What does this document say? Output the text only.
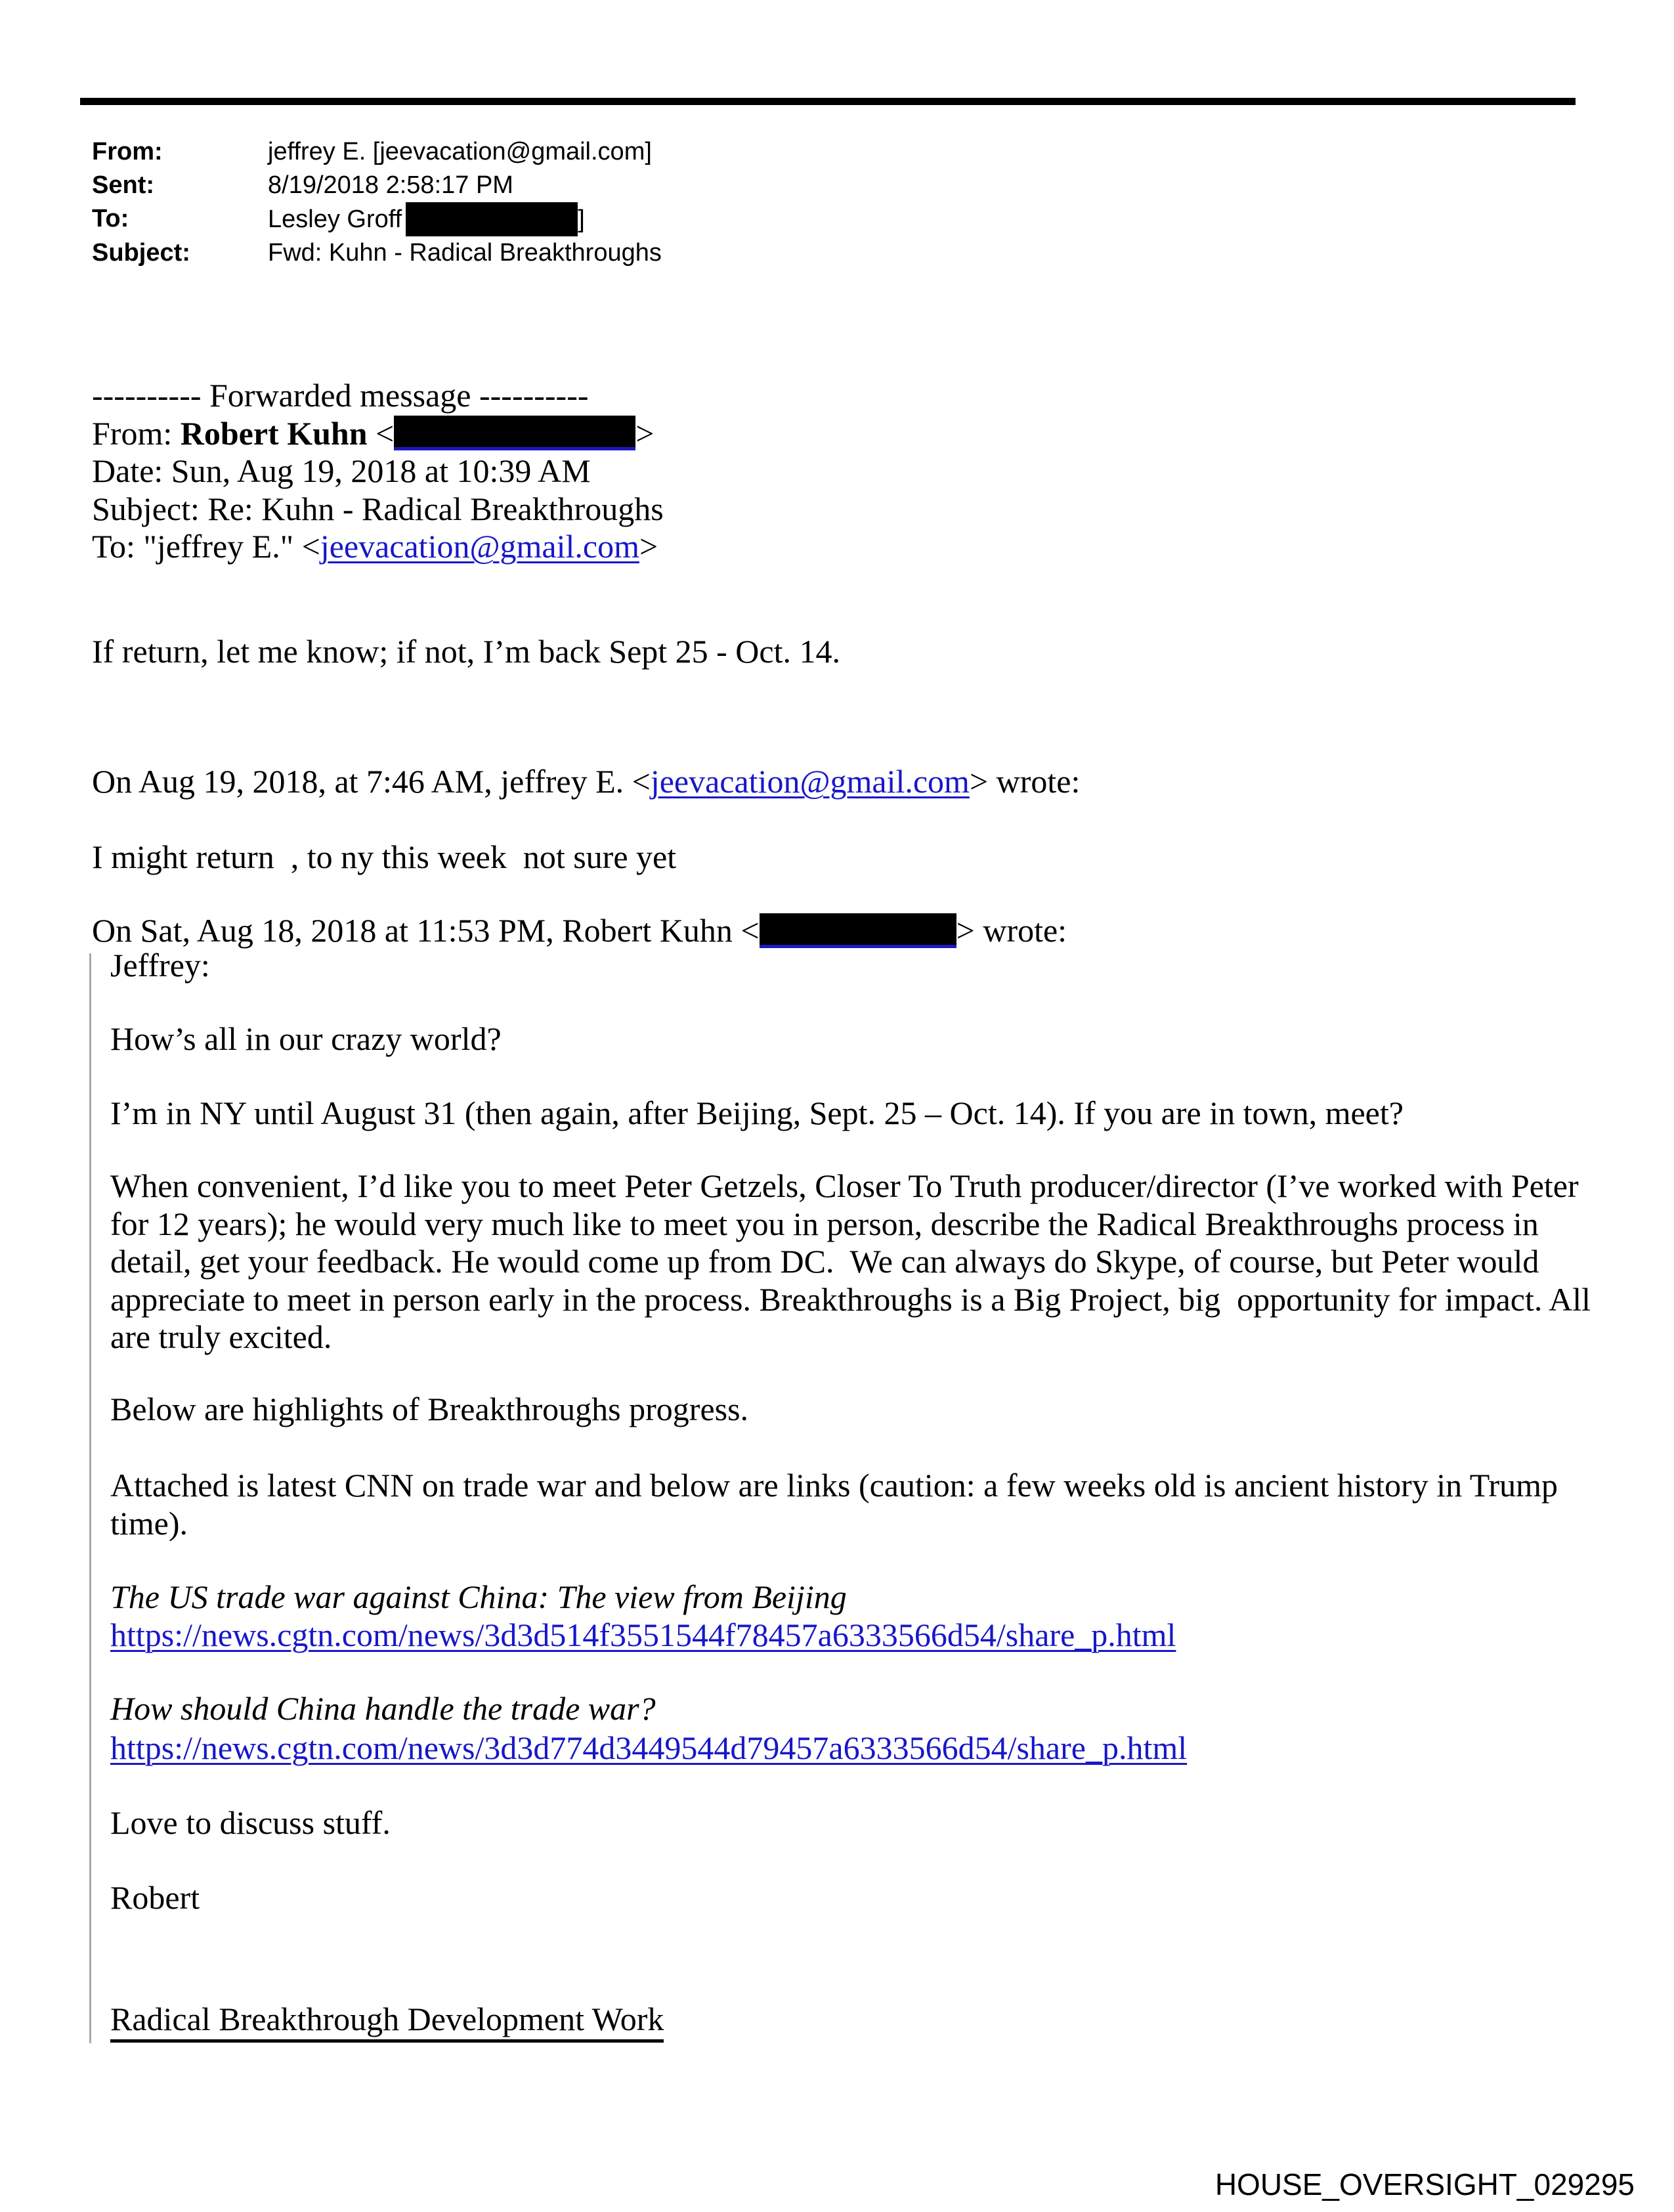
From:	jeffrey E. [jeevacation@gmail.com]
Sent:	8/19/2018 2:58:17 PM
To:	Lesley Groff	]
Subject:	Fwd: Kuhn - Radical Breakthroughs
---------- Forwarded message ----------
From: Robert Kuhn <	>
Date: Sun, Aug 19, 2018 at 10:39 AM
Subject: Re: Kuhn - Radical Breakthroughs
To: "jeffrey E." <jeevacation@gmail.com>
If return, let me know; if not, I’m back Sept 25 - Oct. 14.
On Aug 19, 2018, at 7:46 AM, jeffrey E. <jeevacation@gmail.com> wrote:
I might return  , to ny this week  not sure yet
On Sat, Aug 18, 2018 at 11:53 PM, Robert Kuhn <	> wrote:
Jeffrey:
How’s all in our crazy world?
I’m in NY until August 31 (then again, after Beijing, Sept. 25 – Oct. 14). If you are in town, meet?
When convenient, I’d like you to meet Peter Getzels, Closer To Truth producer/director (I’ve worked with Peter for 12 years); he would very much like to meet you in person, describe the Radical Breakthroughs process in detail, get your feedback. He would come up from DC.  We can always do Skype, of course, but Peter would appreciate to meet in person early in the process. Breakthroughs is a Big Project, big  opportunity for impact. All are truly excited.
Below are highlights of Breakthroughs progress.
Attached is latest CNN on trade war and below are links (caution: a few weeks old is ancient history in Trump time).
The US trade war against China: The view from Beijing
https://news.cgtn.com/news/3d3d514f3551544f78457a6333566d54/share_p.html
How should China handle the trade war?
https://news.cgtn.com/news/3d3d774d3449544d79457a6333566d54/share_p.html
Love to discuss stuff.
Robert
Radical Breakthrough Development Work
HOUSE_OVERSIGHT_029295
